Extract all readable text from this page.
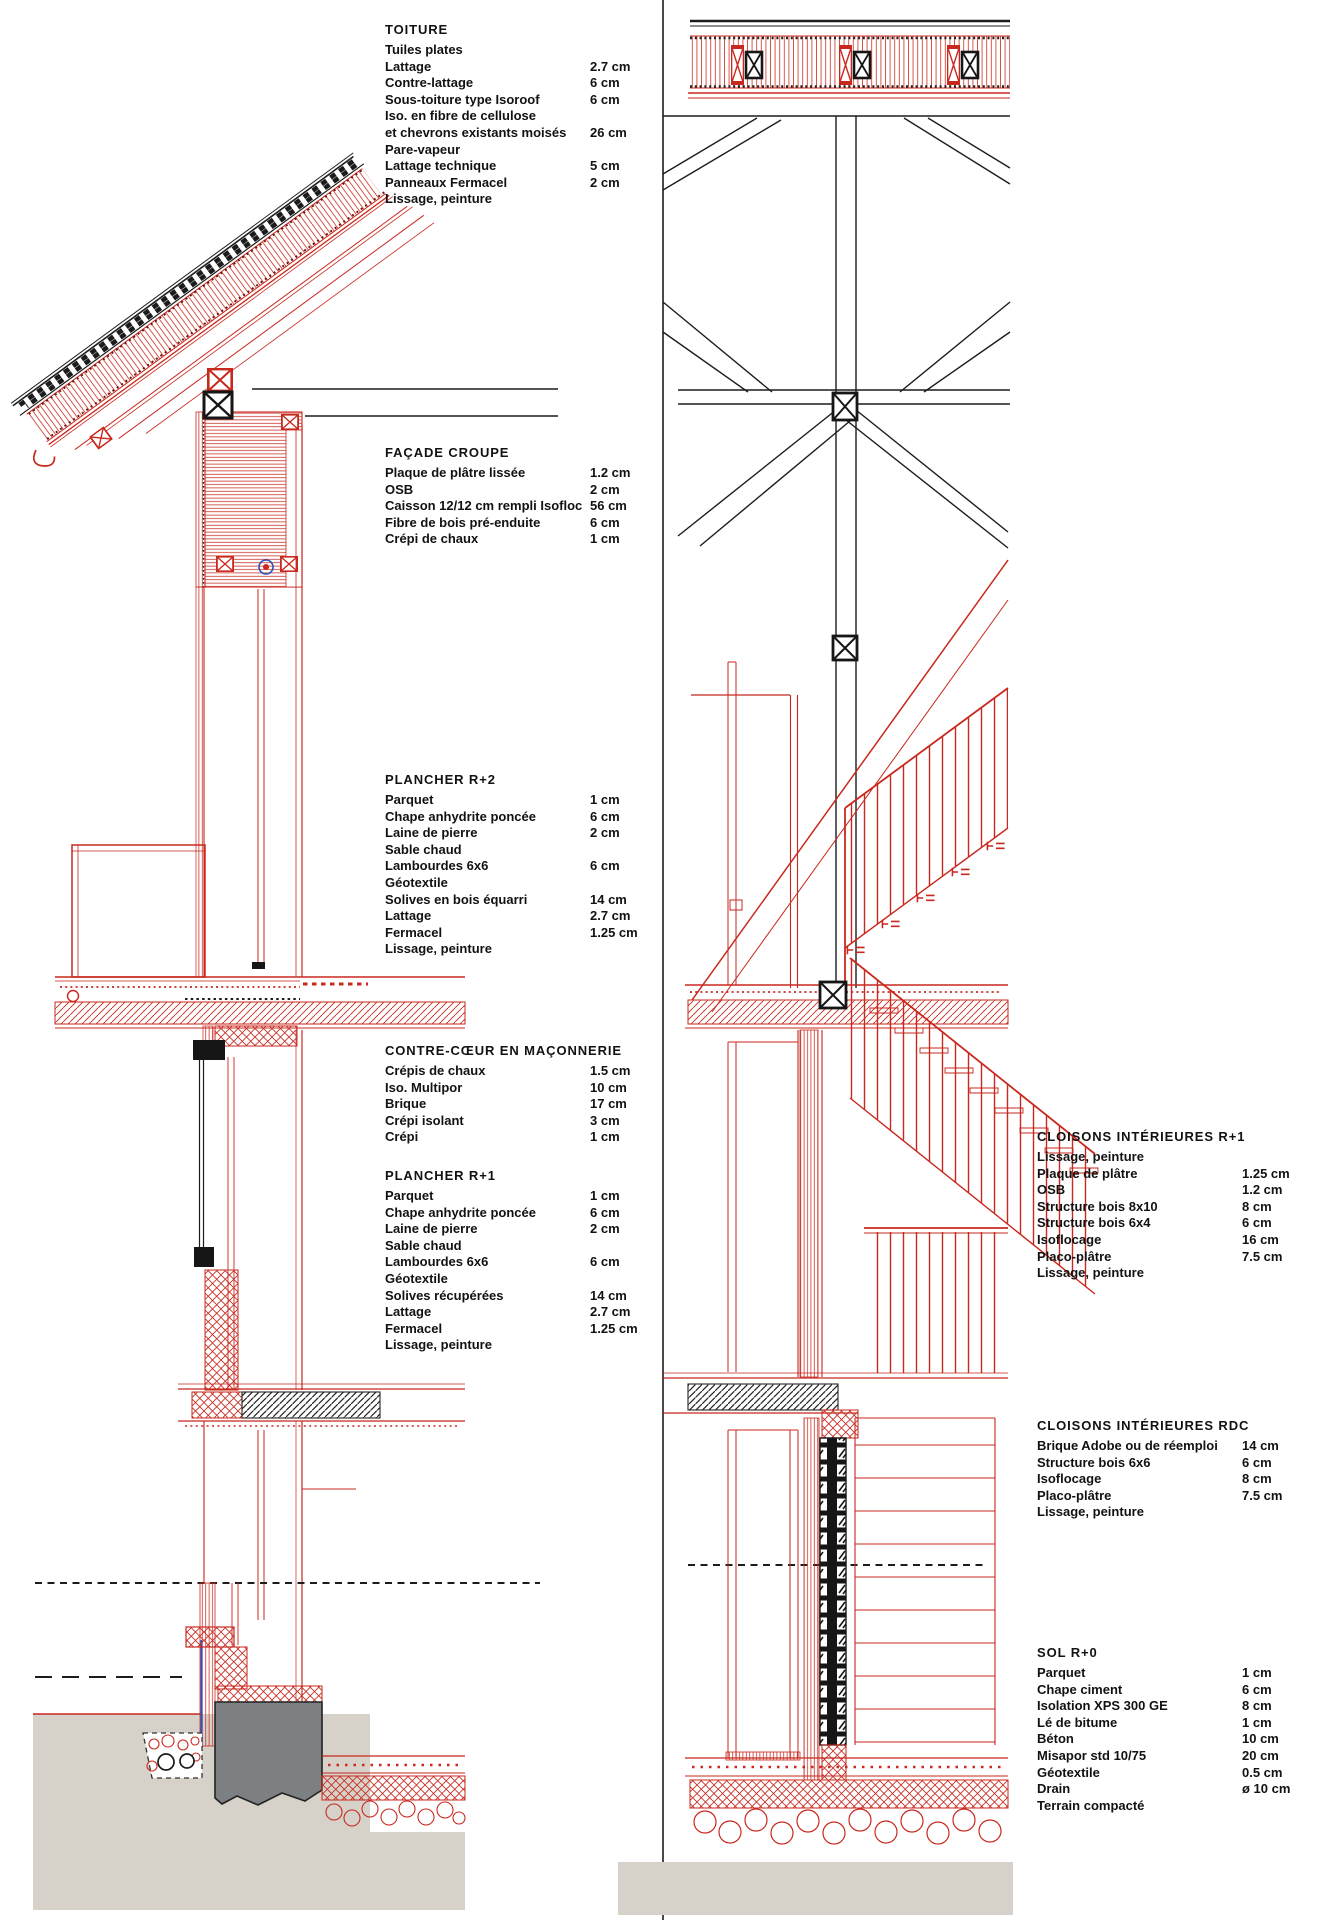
TOITURE
Tuiles plates
Lattage	2.7 cm
Contre-lattage	6 cm
Sous-toiture type Isoroof	6 cm
Iso. en fibre de cellulose
et chevrons existants moisés 26 cm
Pare-vapeur
Lattage technique	5 cm
Panneaux Fermacel	2 cm
Lissage, peinture
FAÇADE CROUPE
Plaque de plâtre lissée	1.2 cm
OSB	2 cm
Caisson 12/12 cm rempli Isofloc 56 cm
Fibre de bois pré-enduite	6 cm
Crépi de chaux	1 cm
PLANCHER R+2
Parquet	1 cm
Chape anhydrite poncée	6 cm
Laine de pierre	2 cm
Sable chaud
Lambourdes 6x6	6 cm
Géotextile
Solives en bois équarri	14 cm
Lattage	2.7 cm
Fermacel	1.25 cm
Lissage, peinture
CONTRE-CŒUR EN MAÇONNERIE
Crépis de chaux	1.5 cm
Iso. Multipor	10 cm
Brique	17 cm
Crépi isolant	3 cm
Crépi	1 cm
PLANCHER R+1
Parquet	1 cm
Chape anhydrite poncée	6 cm
Laine de pierre	2 cm
Sable chaud
Lambourdes 6x6	6 cm
Géotextile
Solives récupérées	14 cm
Lattage	2.7 cm
Fermacel	1.25 cm
Lissage, peinture
CLOISONS INTÉRIEURES R+1
Lissage, peinture
Plaque de plâtre	1.25 cm
OSB	1.2 cm
Structure bois 8x10	8 cm
Structure bois 6x4	6 cm
Isoflocage	16 cm
Placo-plâtre	7.5 cm
Lissage, peinture
CLOISONS INTÉRIEURES RDC
Brique Adobe ou de réemploi 14 cm
Structure bois 6x6	6 cm
Isoflocage	8 cm
Placo-plâtre	7.5 cm
Lissage, peinture
SOL R+0
Parquet	1 cm
Chape ciment	6 cm
Isolation XPS 300 GE	8 cm
Lé de bitume	1 cm
Béton	10 cm
Misapor std 10/75	20 cm
Géotextile	0.5 cm
Drain	ø 10 cm
Terrain compacté
